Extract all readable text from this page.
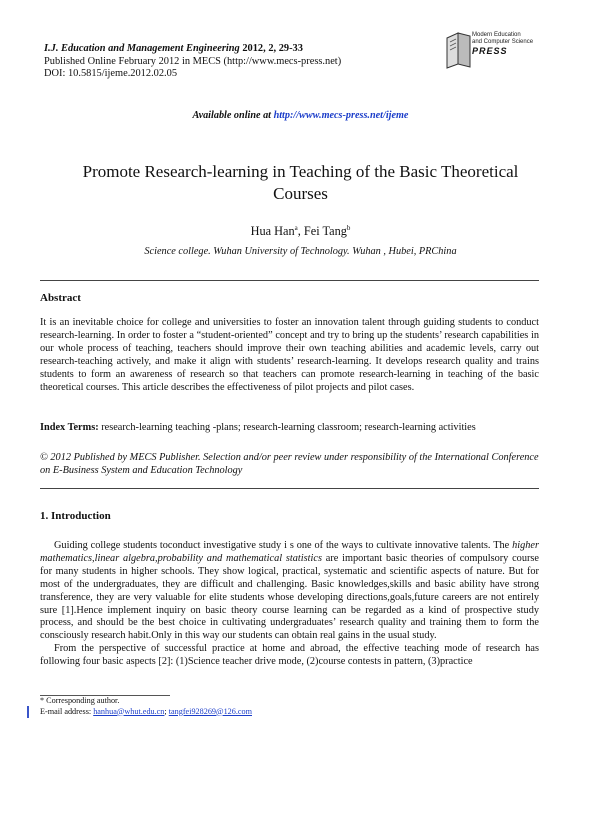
I.J. Education and Management Engineering 2012, 2, 29-33
Published Online February 2012 in MECS (http://www.mecs-press.net)
DOI: 10.5815/ijeme.2012.02.05
Modern Education
and Computer Science
PRESS
Available online at http://www.mecs-press.net/ijeme
Promote Research-learning in Teaching of the Basic Theoretical
Courses
Hua Han$^a$, Fei Tang$^b$
Science college. Wuhan University of Technology. Wuhan , Hubei, PRChina
Abstract
It is an inevitable choice for college and universities to foster an innovation talent through guiding students to conduct research-learning. In order to foster a “student-oriented” concept and try to bring up the students’ research capabilities in our whole process of teaching, teachers should improve their own teaching abilities and academic levels, carry out research-teaching actively, and make it align with students’ research-learning. It develops research quality and trains students to form an awareness of research so that teachers can promote research-learning in teaching of the basic theoretical courses. This article describes the effectiveness of pilot projects and pilot cases.
Index Terms: research-learning teaching -plans; research-learning classroom; research-learning activities
© 2012 Published by MECS Publisher. Selection and/or peer review under responsibility of the International Conference on E-Business System and Education Technology
1. Introduction

Guiding college students toconduct investigative study i s one of the ways to cultivate innovative talents. The higher mathematics,linear algebra,probability and mathematical statistics are important basic theories of compulsory course for many students in higher schools. They show logical, practical, systematic and scientific aspects of nature. But for most of the undergraduates, they are difficult and challenging. Basic knowledges,skills and basic ability have strong transference, they are very valuable for elite students whose developing directions,goals,future careers are not entirely sure [1].Hence implement inquiry on basic theory course learning can be regarded as a kind of prospective study process, and should be the best choice in cultivating undergraduates’ research quality and training them to form the consciously research habit.Only in this way our students can obtain real gains in the usual study.

From the perspective of successful practice at home and abroad, the effective teaching mode of research has following four basic aspects [2]: (1)Science teacher drive mode, (2)course contests in pattern, (3)practice

* Corresponding author.
E-mail address: hanhua@whut.edu.cn; tangfei928269@126.com
